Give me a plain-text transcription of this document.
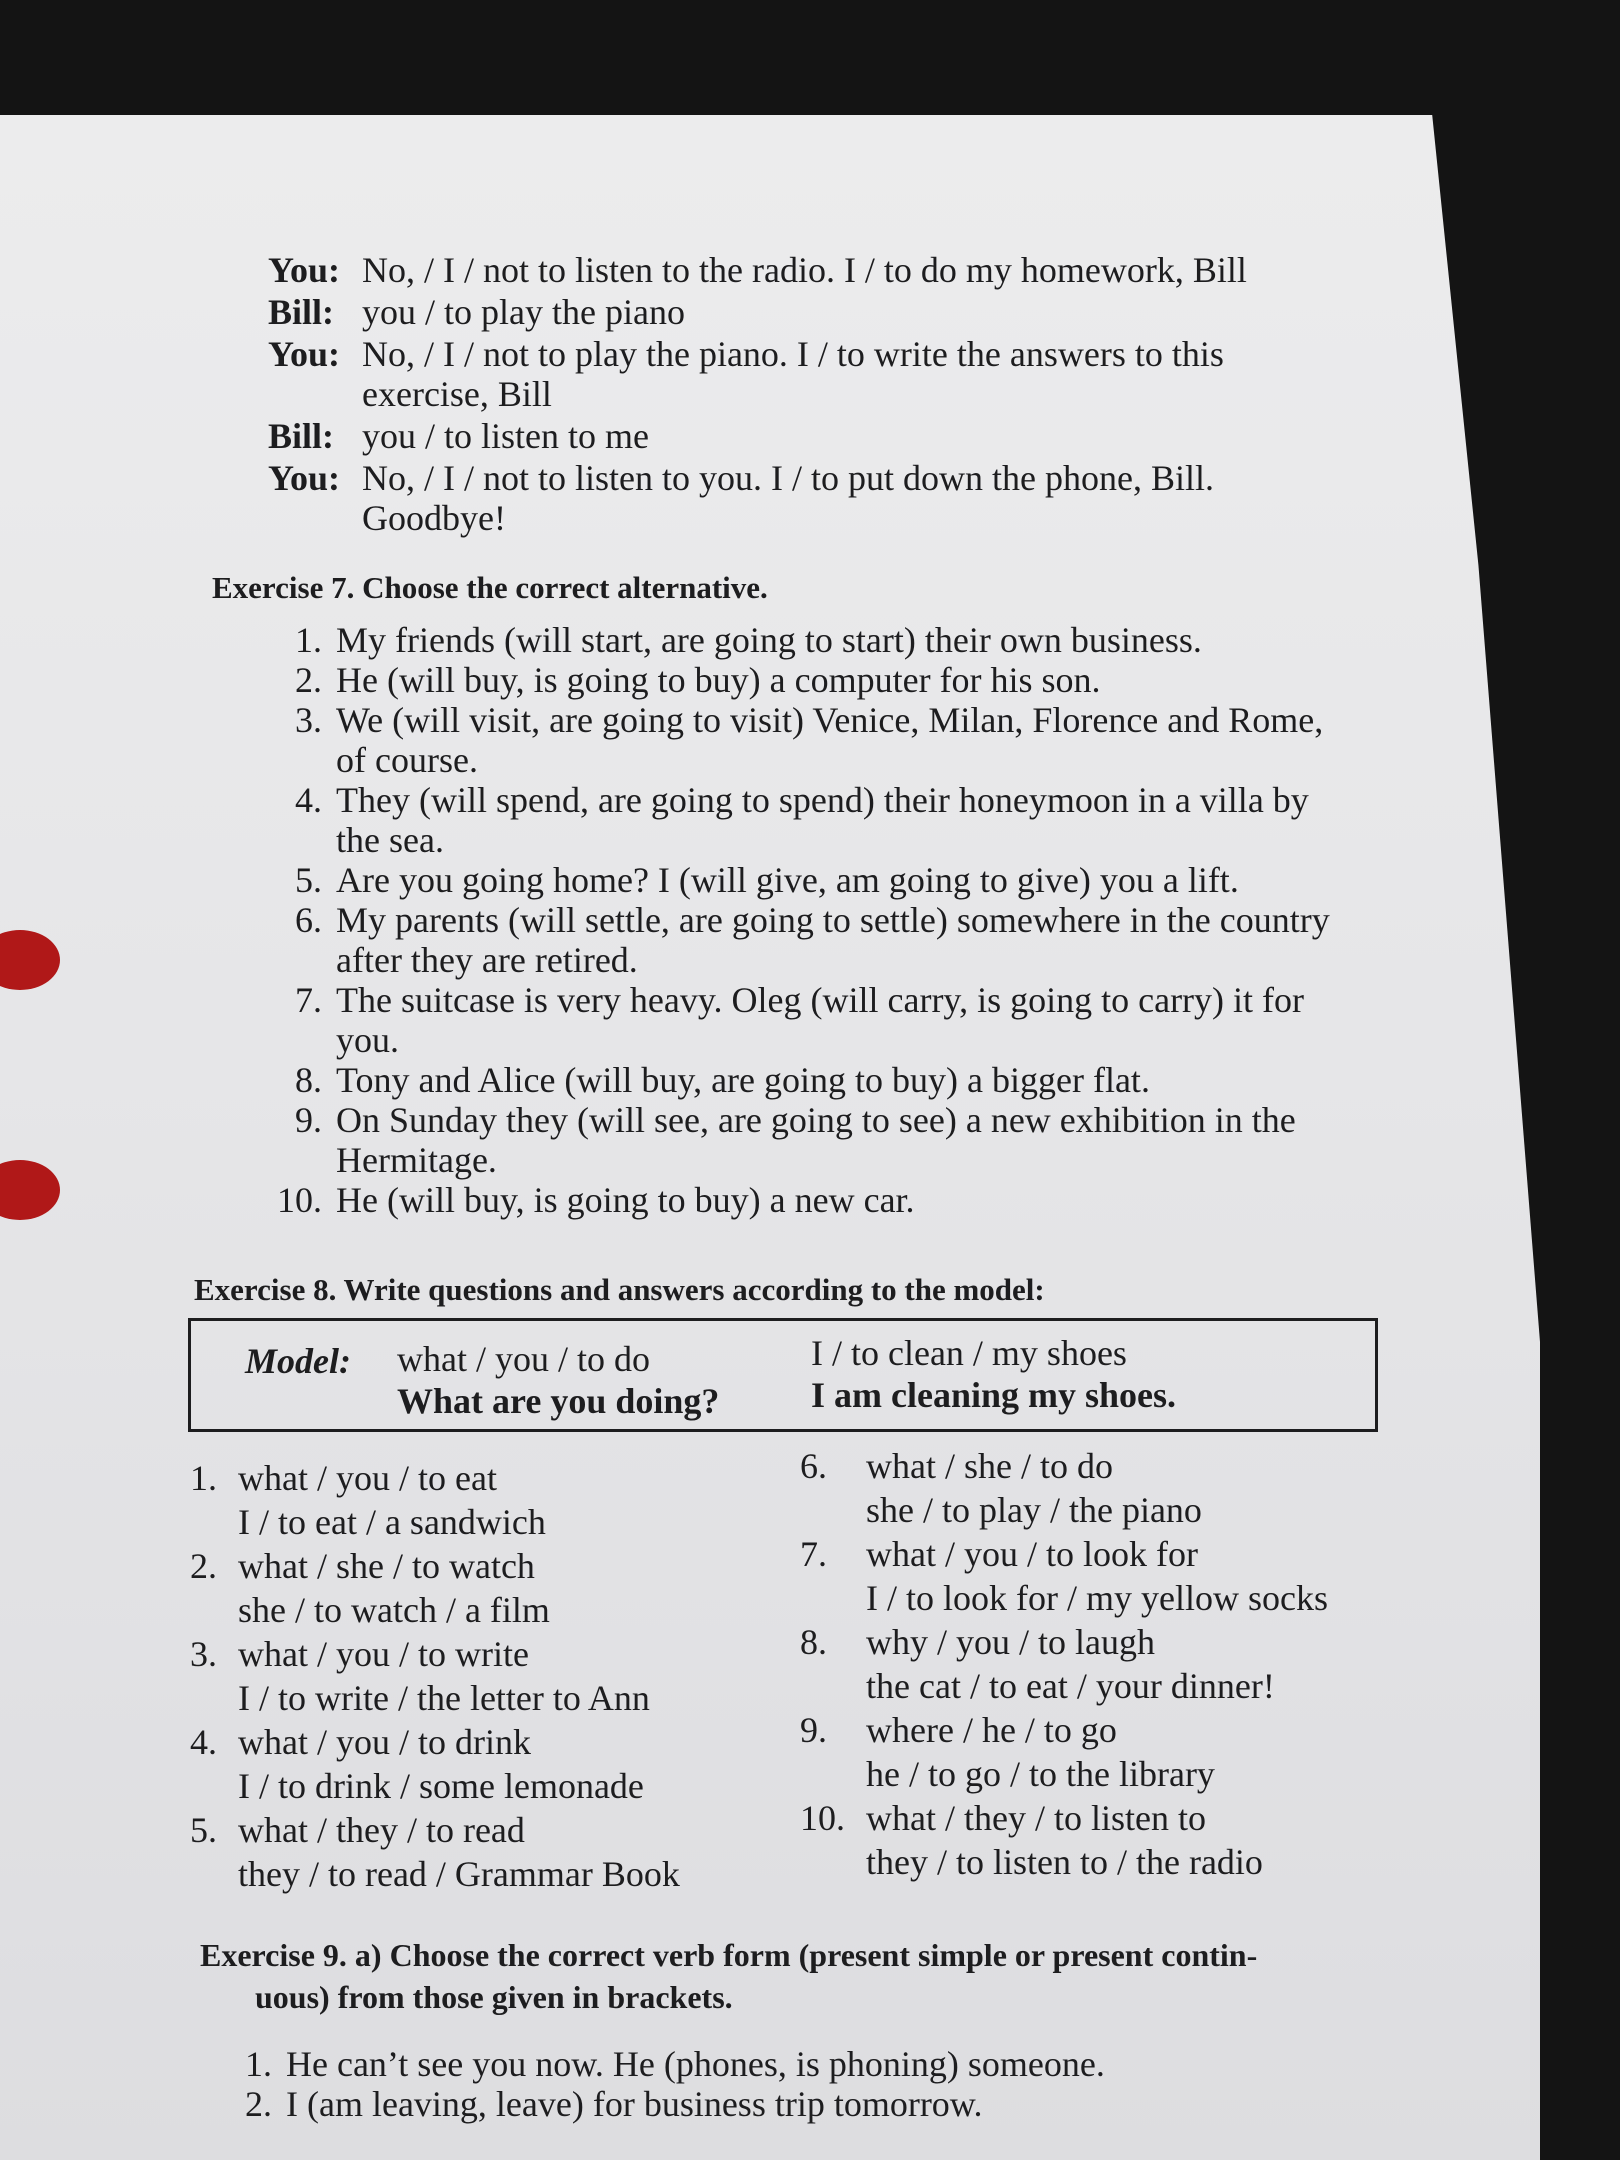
You: No, / I / not to listen to the radio. I / to do my homework, Bill
Bill: you / to play the piano
You: No, / I / not to play the piano. I / to write the answers to this exercise, Bill
Bill: you / to listen to me
You: No, / I / not to listen to you. I / to put down the phone, Bill. Goodbye!
Exercise 7. Choose the correct alternative.
1. My friends (will start, are going to start) their own business.
2. He (will buy, is going to buy) a computer for his son.
3. We (will visit, are going to visit) Venice, Milan, Florence and Rome, of course.
4. They (will spend, are going to spend) their honeymoon in a villa by the sea.
5. Are you going home? I (will give, am going to give) you a lift.
6. My parents (will settle, are going to settle) somewhere in the country after they are retired.
7. The suitcase is very heavy. Oleg (will carry, is going to carry) it for you.
8. Tony and Alice (will buy, are going to buy) a bigger flat.
9. On Sunday they (will see, are going to see) a new exhibition in the Hermitage.
10. He (will buy, is going to buy) a new car.
Exercise 8. Write questions and answers according to the model:
Model: what / you / to do
What are you doing?
I / to clean / my shoes
I am cleaning my shoes.
1. what / you / to eat
I / to eat / a sandwich
2. what / she / to watch
she / to watch / a film
3. what / you / to write
I / to write / the letter to Ann
4. what / you / to drink
I / to drink / some lemonade
5. what / they / to read
they / to read / Grammar Book
6.	what / she / to do
she / to play / the piano
7.	what / you / to look for
I / to look for / my yellow socks
8.	why / you / to laugh
the cat / to eat / your dinner!
9.	where / he / to go
he / to go / to the library
10. what / they / to listen to
they / to listen to / the radio
Exercise 9. a) Choose the correct verb form (present simple or present contin-
uous) from those given in brackets.
1. He can’t see you now. He (phones, is phoning) someone.
2. I (am leaving, leave) for business trip tomorrow.
